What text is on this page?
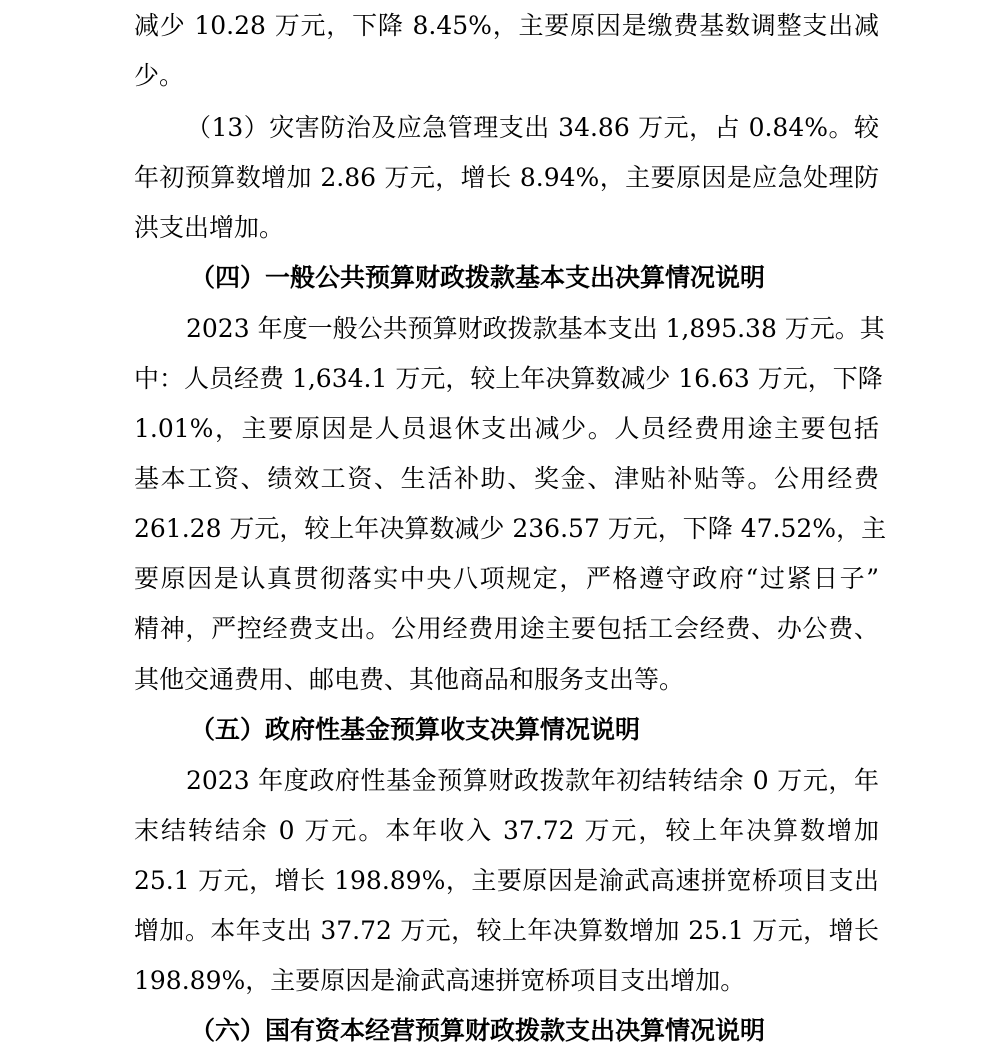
减少 10.28 万元，下降 8.45%，主要原因是缴费基数调整支出减
少。
（13）灾害防治及应急管理支出 34.86 万元，占 0.84%。较
年初预算数增加 2.86 万元，增长 8.94%，主要原因是应急处理防
洪支出增加。
（四）一般公共预算财政拨款基本支出决算情况说明
2023 年度一般公共预算财政拨款基本支出 1,895.38 万元。其
中：人员经费 1,634.1 万元，较上年决算数减少 16.63 万元，下降
1.01%，主要原因是人员退休支出减少。人员经费用途主要包括
基本工资、绩效工资、生活补助、奖金、津贴补贴等。公用经费
261.28 万元，较上年决算数减少 236.57 万元，下降 47.52%，主
要原因是认真贯彻落实中央八项规定，严格遵守政府“过紧日子”
精神，严控经费支出。公用经费用途主要包括工会经费、办公费、
其他交通费用、邮电费、其他商品和服务支出等。
（五）政府性基金预算收支决算情况说明
2023 年度政府性基金预算财政拨款年初结转结余 0 万元，年
末结转结余 0 万元。本年收入 37.72 万元，较上年决算数增加
25.1 万元，增长 198.89%，主要原因是渝武高速拼宽桥项目支出
增加。本年支出 37.72 万元，较上年决算数增加 25.1 万元，增长
198.89%，主要原因是渝武高速拼宽桥项目支出增加。
（六）国有资本经营预算财政拨款支出决算情况说明
